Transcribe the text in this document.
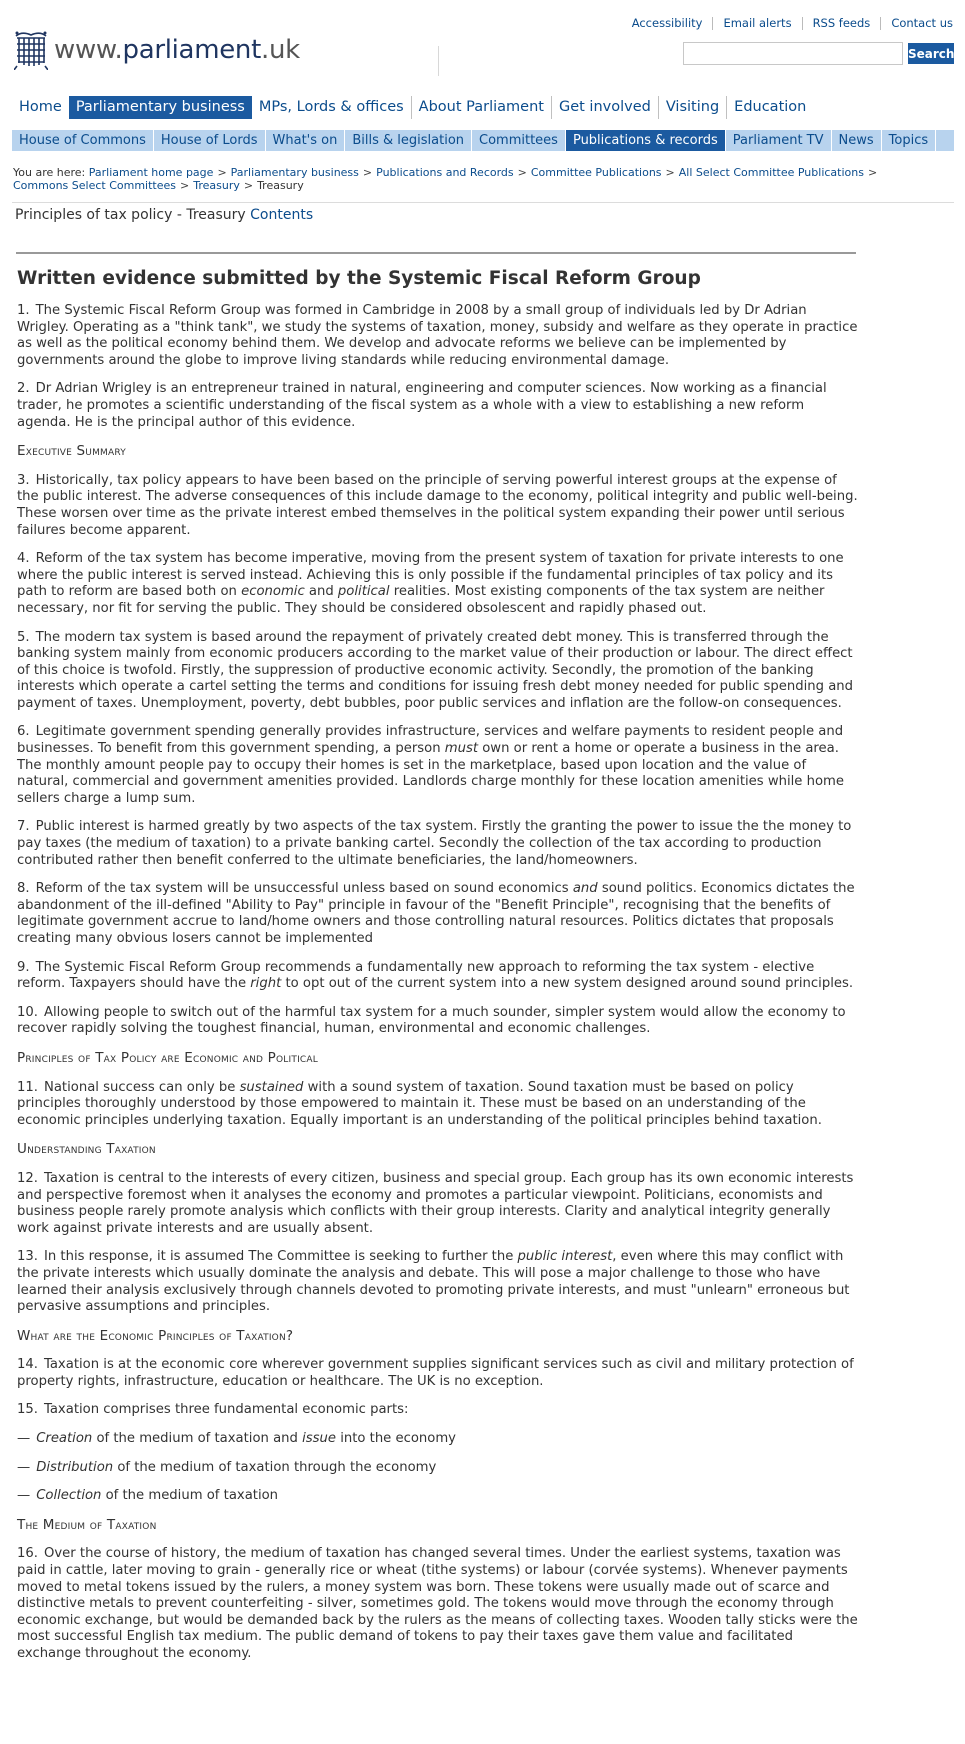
Accessibility	Email alerts	RSS feeds	Contact us
www.parliament.uk	Search
Home Parliamentary business MPs, Lords & offices	About Parliament	Get involved	Visiting	Education
House of Commons	House of Lords	What's on	Bills & legislation	Committees	Publications & records	Parliament TV	News	Topics
You are here: Parliament home page > Parliamentary business > Publications and Records > Committee Publications > All Select Committee Publications >
Commons Select Committees > Treasury > Treasury
Principles of tax policy - Treasury Contents
Written evidence submitted by the Systemic Fiscal Reform Group

1. The Systemic Fiscal Reform Group was formed in Cambridge in 2008 by a small group of individuals led by Dr Adrian Wrigley. Operating as a "think tank", we study the systems of taxation, money, subsidy and welfare as they operate in practice as well as the political economy behind them. We develop and advocate reforms we believe can be implemented by governments around the globe to improve living standards while reducing environmental damage.

2. Dr Adrian Wrigley is an entrepreneur trained in natural, engineering and computer sciences. Now working as a financial trader, he promotes a scientific understanding of the fiscal system as a whole with a view to establishing a new reform agenda. He is the principal author of this evidence.

Executive Summary

3. Historically, tax policy appears to have been based on the principle of serving powerful interest groups at the expense of the public interest. The adverse consequences of this include damage to the economy, political integrity and public well-being. These worsen over time as the private interest embed themselves in the political system expanding their power until serious failures become apparent.

4. Reform of the tax system has become imperative, moving from the present system of taxation for private interests to one where the public interest is served instead. Achieving this is only possible if the fundamental principles of tax policy and its path to reform are based both on economic and political realities. Most existing components of the tax system are neither necessary, nor fit for serving the public. They should be considered obsolescent and rapidly phased out.

5. The modern tax system is based around the repayment of privately created debt money. This is transferred through the banking system mainly from economic producers according to the market value of their production or labour. The direct effect of this choice is twofold. Firstly, the suppression of productive economic activity. Secondly, the promotion of the banking interests which operate a cartel setting the terms and conditions for issuing fresh debt money needed for public spending and payment of taxes. Unemployment, poverty, debt bubbles, poor public services and inflation are the follow-on consequences.

6. Legitimate government spending generally provides infrastructure, services and welfare payments to resident people and businesses. To benefit from this government spending, a person must own or rent a home or operate a business in the area. The monthly amount people pay to occupy their homes is set in the marketplace, based upon location and the value of natural, commercial and government amenities provided. Landlords charge monthly for these location amenities while home sellers charge a lump sum.

7. Public interest is harmed greatly by two aspects of the tax system. Firstly the granting the power to issue the the money to pay taxes (the medium of taxation) to a private banking cartel. Secondly the collection of the tax according to production contributed rather then benefit conferred to the ultimate beneficiaries, the land/homeowners.

8. Reform of the tax system will be unsuccessful unless based on sound economics and sound politics. Economics dictates the abandonment of the ill-defined "Ability to Pay" principle in favour of the "Benefit Principle", recognising that the benefits of legitimate government accrue to land/home owners and those controlling natural resources. Politics dictates that proposals creating many obvious losers cannot be implemented

9. The Systemic Fiscal Reform Group recommends a fundamentally new approach to reforming the tax system - elective reform. Taxpayers should have the right to opt out of the current system into a new system designed around sound principles.

10. Allowing people to switch out of the harmful tax system for a much sounder, simpler system would allow the economy to recover rapidly solving the toughest financial, human, environmental and economic challenges.

Principles of Tax Policy are Economic and Political

11. National success can only be sustained with a sound system of taxation. Sound taxation must be based on policy principles thoroughly understood by those empowered to maintain it. These must be based on an understanding of the economic principles underlying taxation. Equally important is an understanding of the political principles behind taxation.

Understanding Taxation

12. Taxation is central to the interests of every citizen, business and special group. Each group has its own economic interests and perspective foremost when it analyses the economy and promotes a particular viewpoint. Politicians, economists and business people rarely promote analysis which conflicts with their group interests. Clarity and analytical integrity generally work against private interests and are usually absent.

13. In this response, it is assumed The Committee is seeking to further the public interest, even where this may conflict with the private interests which usually dominate the analysis and debate. This will pose a major challenge to those who have learned their analysis exclusively through channels devoted to promoting private interests, and must "unlearn" erroneous but pervasive assumptions and principles.

What are the Economic Principles of Taxation?

14. Taxation is at the economic core wherever government supplies significant services such as civil and military protection of property rights, infrastructure, education or healthcare. The UK is no exception.

15. Taxation comprises three fundamental economic parts:

— Creation of the medium of taxation and issue into the economy

— Distribution of the medium of taxation through the economy

— Collection of the medium of taxation

The Medium of Taxation

16. Over the course of history, the medium of taxation has changed several times. Under the earliest systems, taxation was paid in cattle, later moving to grain - generally rice or wheat (tithe systems) or labour (corvée systems). Whenever payments moved to metal tokens issued by the rulers, a money system was born. These tokens were usually made out of scarce and distinctive metals to prevent counterfeiting - silver, sometimes gold. The tokens would move through the economy through economic exchange, but would be demanded back by the rulers as the means of collecting taxes. Wooden tally sticks were the most successful English tax medium. The public demand of tokens to pay their taxes gave them value and facilitated exchange throughout the economy.
